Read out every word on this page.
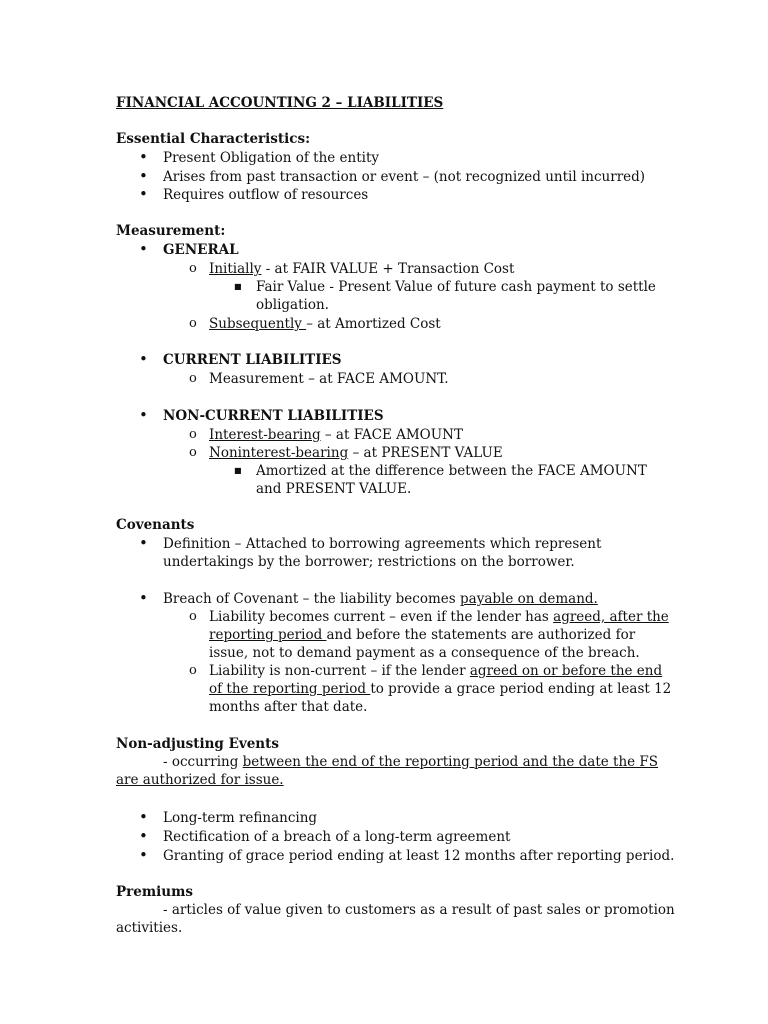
FINANCIAL ACCOUNTING 2 – LIABILITIES
Essential Characteristics:
• Present Obligation of the entity
• Arises from past transaction or event – (not recognized until incurred)
• Requires outflow of resources
Measurement:
• GENERAL
o Initially - at FAIR VALUE + Transaction Cost
■ Fair Value - Present Value of future cash payment to settle
obligation.
o Subsequently – at Amortized Cost
• CURRENT LIABILITIES
o Measurement – at FACE AMOUNT.
• NON-CURRENT LIABILITIES
o Interest-bearing – at FACE AMOUNT
o Noninterest-bearing – at PRESENT VALUE
■ Amortized at the difference between the FACE AMOUNT
and PRESENT VALUE.
Covenants
• Definition – Attached to borrowing agreements which represent
undertakings by the borrower; restrictions on the borrower.
• Breach of Covenant – the liability becomes payable on demand.
o Liability becomes current – even if the lender has agreed, after the
reporting period and before the statements are authorized for
issue, not to demand payment as a consequence of the breach.
o Liability is non-current – if the lender agreed on or before the end
of the reporting period to provide a grace period ending at least 12
months after that date.
Non-adjusting Events
- occurring between the end of the reporting period and the date the FS
are authorized for issue.
• Long-term refinancing
• Rectification of a breach of a long-term agreement
• Granting of grace period ending at least 12 months after reporting period.
Premiums
- articles of value given to customers as a result of past sales or promotion
activities.
